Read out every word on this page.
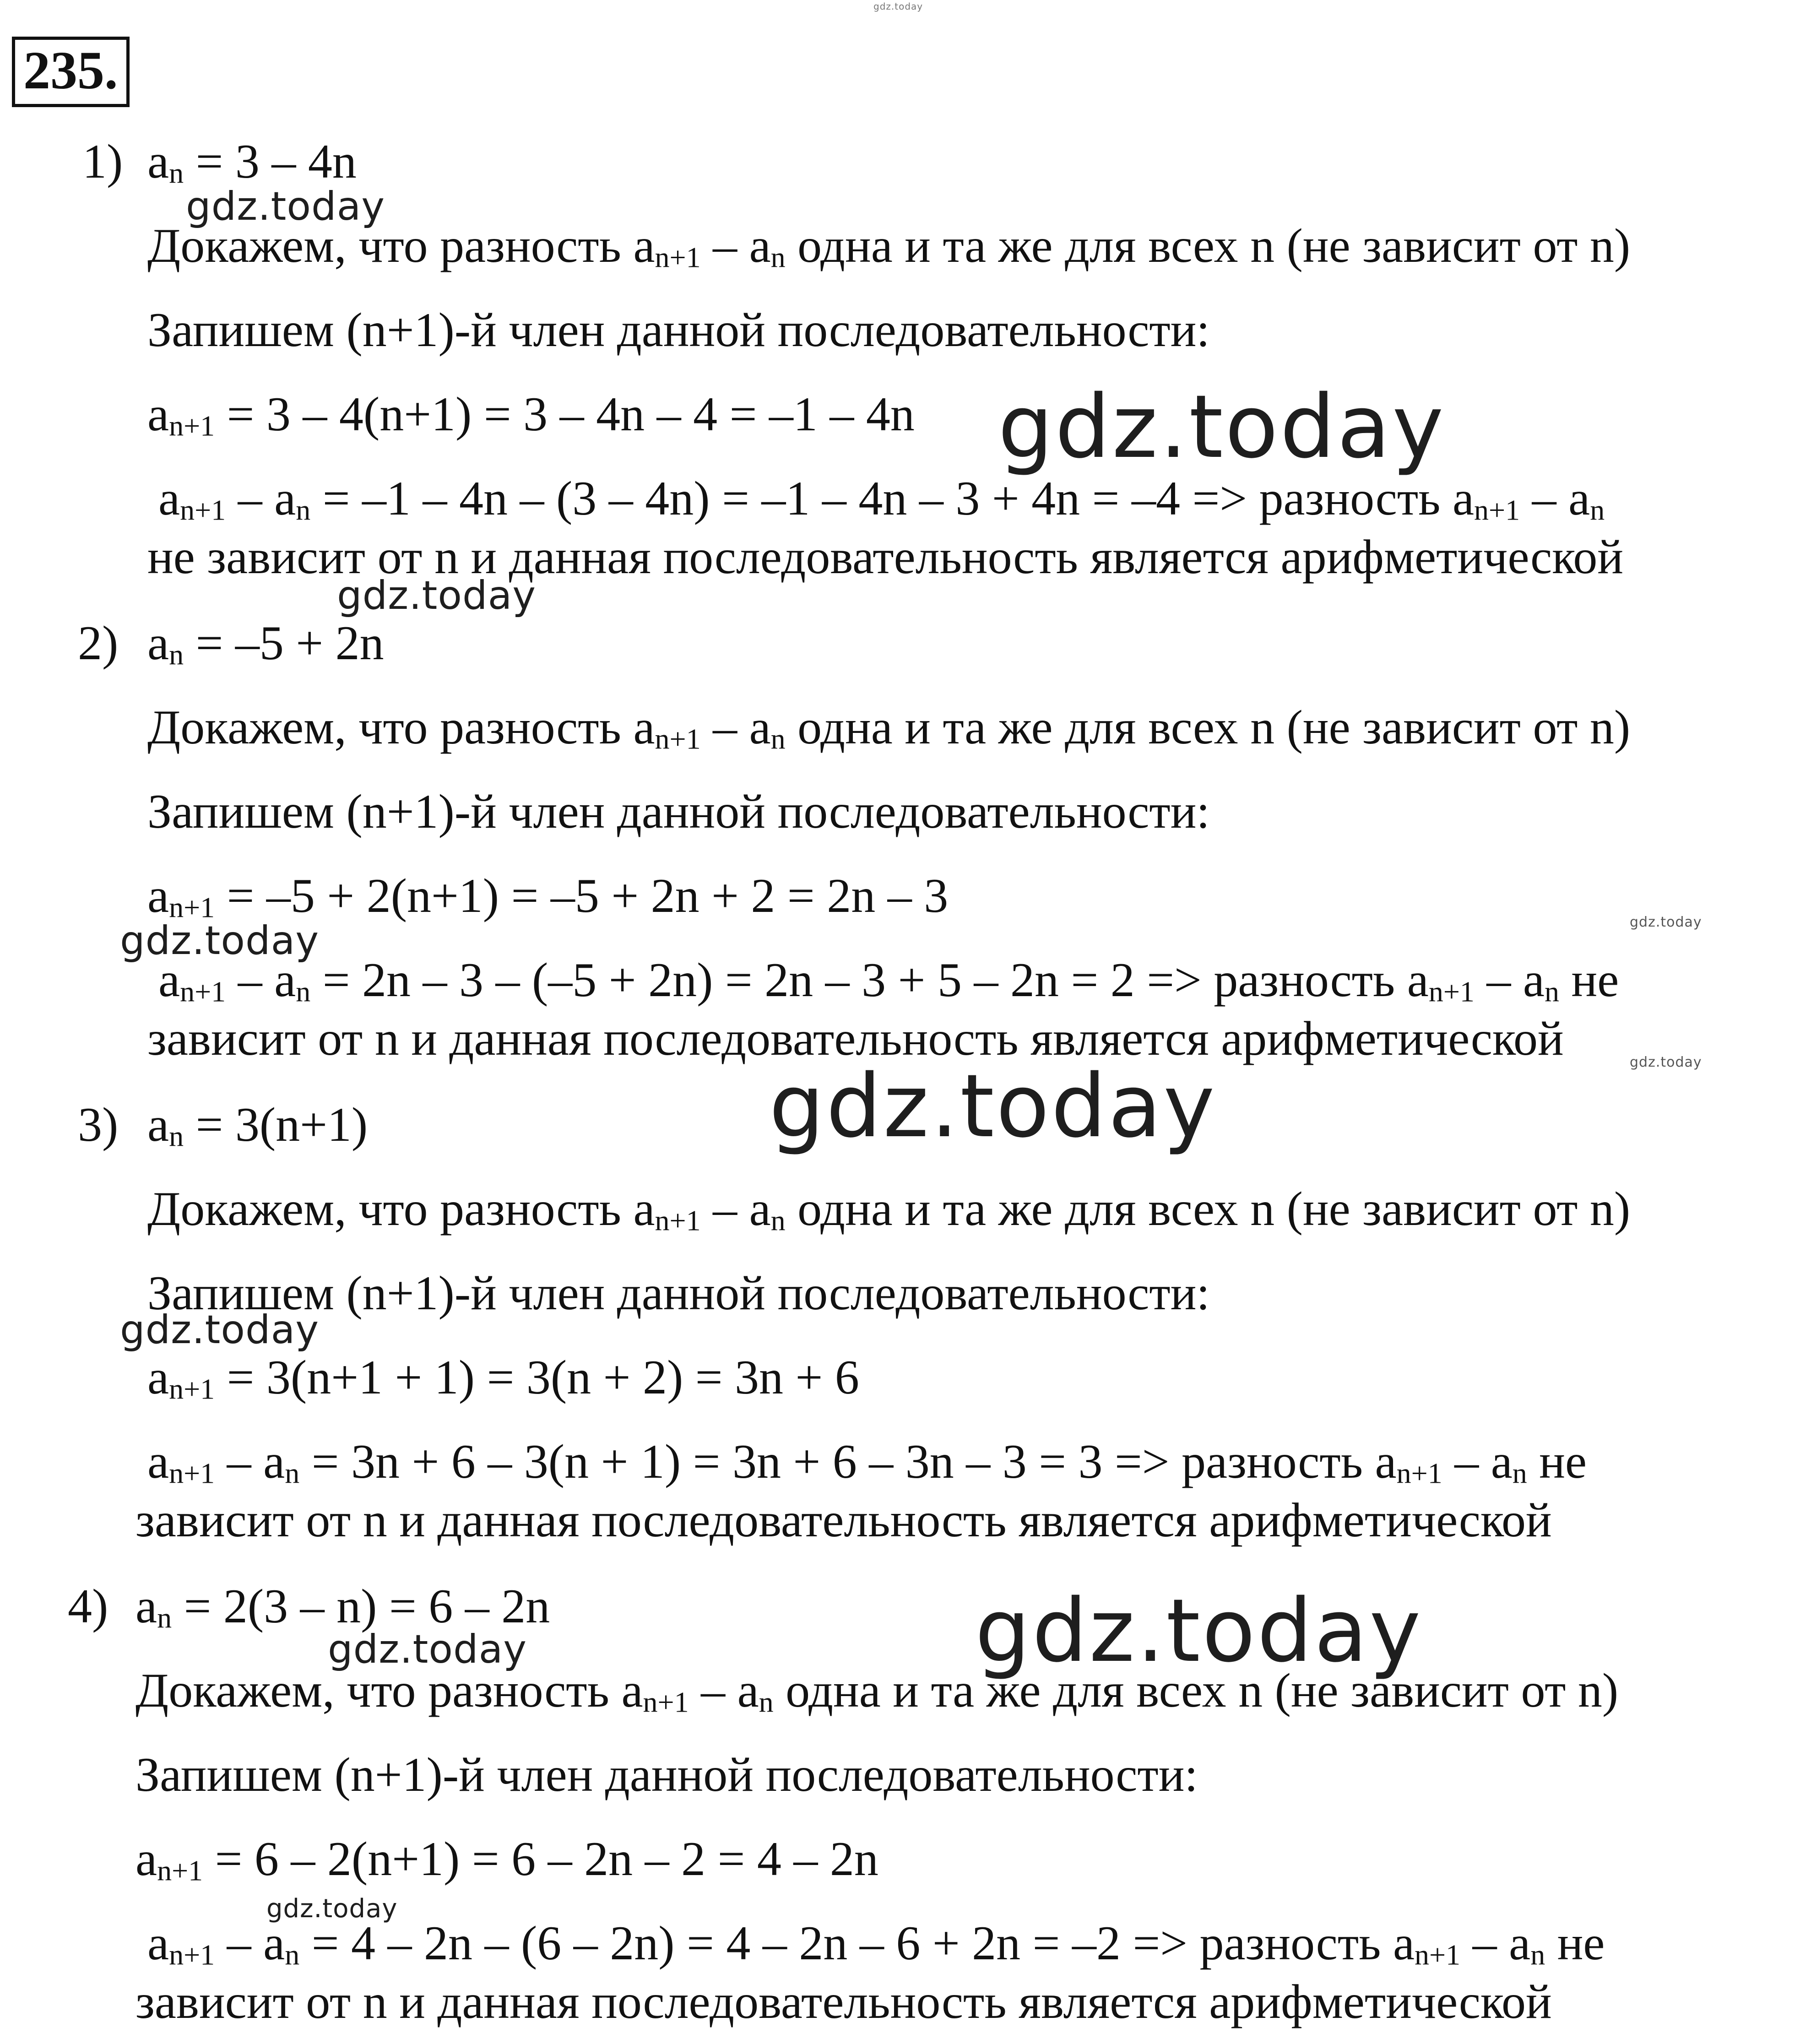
235.
gdz.today
gdz.today
gdz.today
gdz.today
gdz.today	gdz.today
gdz.today
gdz.today
gdz.today
gdz.today
gdz.today
gdz.today
1) $a_n = 3 - 4n$
Докажем, что разность $a_{n+1} - a_n$ одна и та же для всех n (не зависит от n)
Запишем (n+1)-й член данной последовательности:
$a_{n+1} = 3 - 4(n+1) = 3 - 4n - 4 = -1 - 4n$
$a_{n+1} - a_n = -1 - 4n - (3 - 4n) = -1 - 4n - 3 + 4n = -4$ => разность $a_{n+1} - a_n$
не зависит от n и данная последовательность является арифметической
2) $a_n = -5 + 2n$
Докажем, что разность $a_{n+1} - a_n$ одна и та же для всех n (не зависит от n)
Запишем (n+1)-й член данной последовательности:
$a_{n+1} = -5 + 2(n+1) = -5 + 2n + 2 = 2n - 3$
$a_{n+1} - a_n = 2n - 3 - (-5 + 2n) = 2n - 3 + 5 - 2n = 2$ => разность $a_{n+1} - a_n$ не
зависит от n и данная последовательность является арифметической
3) $a_n = 3(n+1)$
Докажем, что разность $a_{n+1} - a_n$ одна и та же для всех n (не зависит от n)
Запишем (n+1)-й член данной последовательности:
$a_{n+1} = 3(n+1 + 1) = 3(n + 2) = 3n + 6$
$a_{n+1} - a_n = 3n + 6 - 3(n + 1) = 3n + 6 - 3n - 3 = 3$ => разность $a_{n+1} - a_n$ не
зависит от n и данная последовательность является арифметической
4) $a_n = 2(3 - n) = 6 - 2n$
Докажем, что разность $a_{n+1} - a_n$ одна и та же для всех n (не зависит от n)
Запишем (n+1)-й член данной последовательности:
$a_{n+1} = 6 - 2(n+1) = 6 - 2n - 2 = 4 - 2n$
$a_{n+1} - a_n = 4 - 2n - (6 - 2n) = 4 - 2n - 6 + 2n = -2$ => разность $a_{n+1} - a_n$ не
зависит от n и данная последовательность является арифметической
